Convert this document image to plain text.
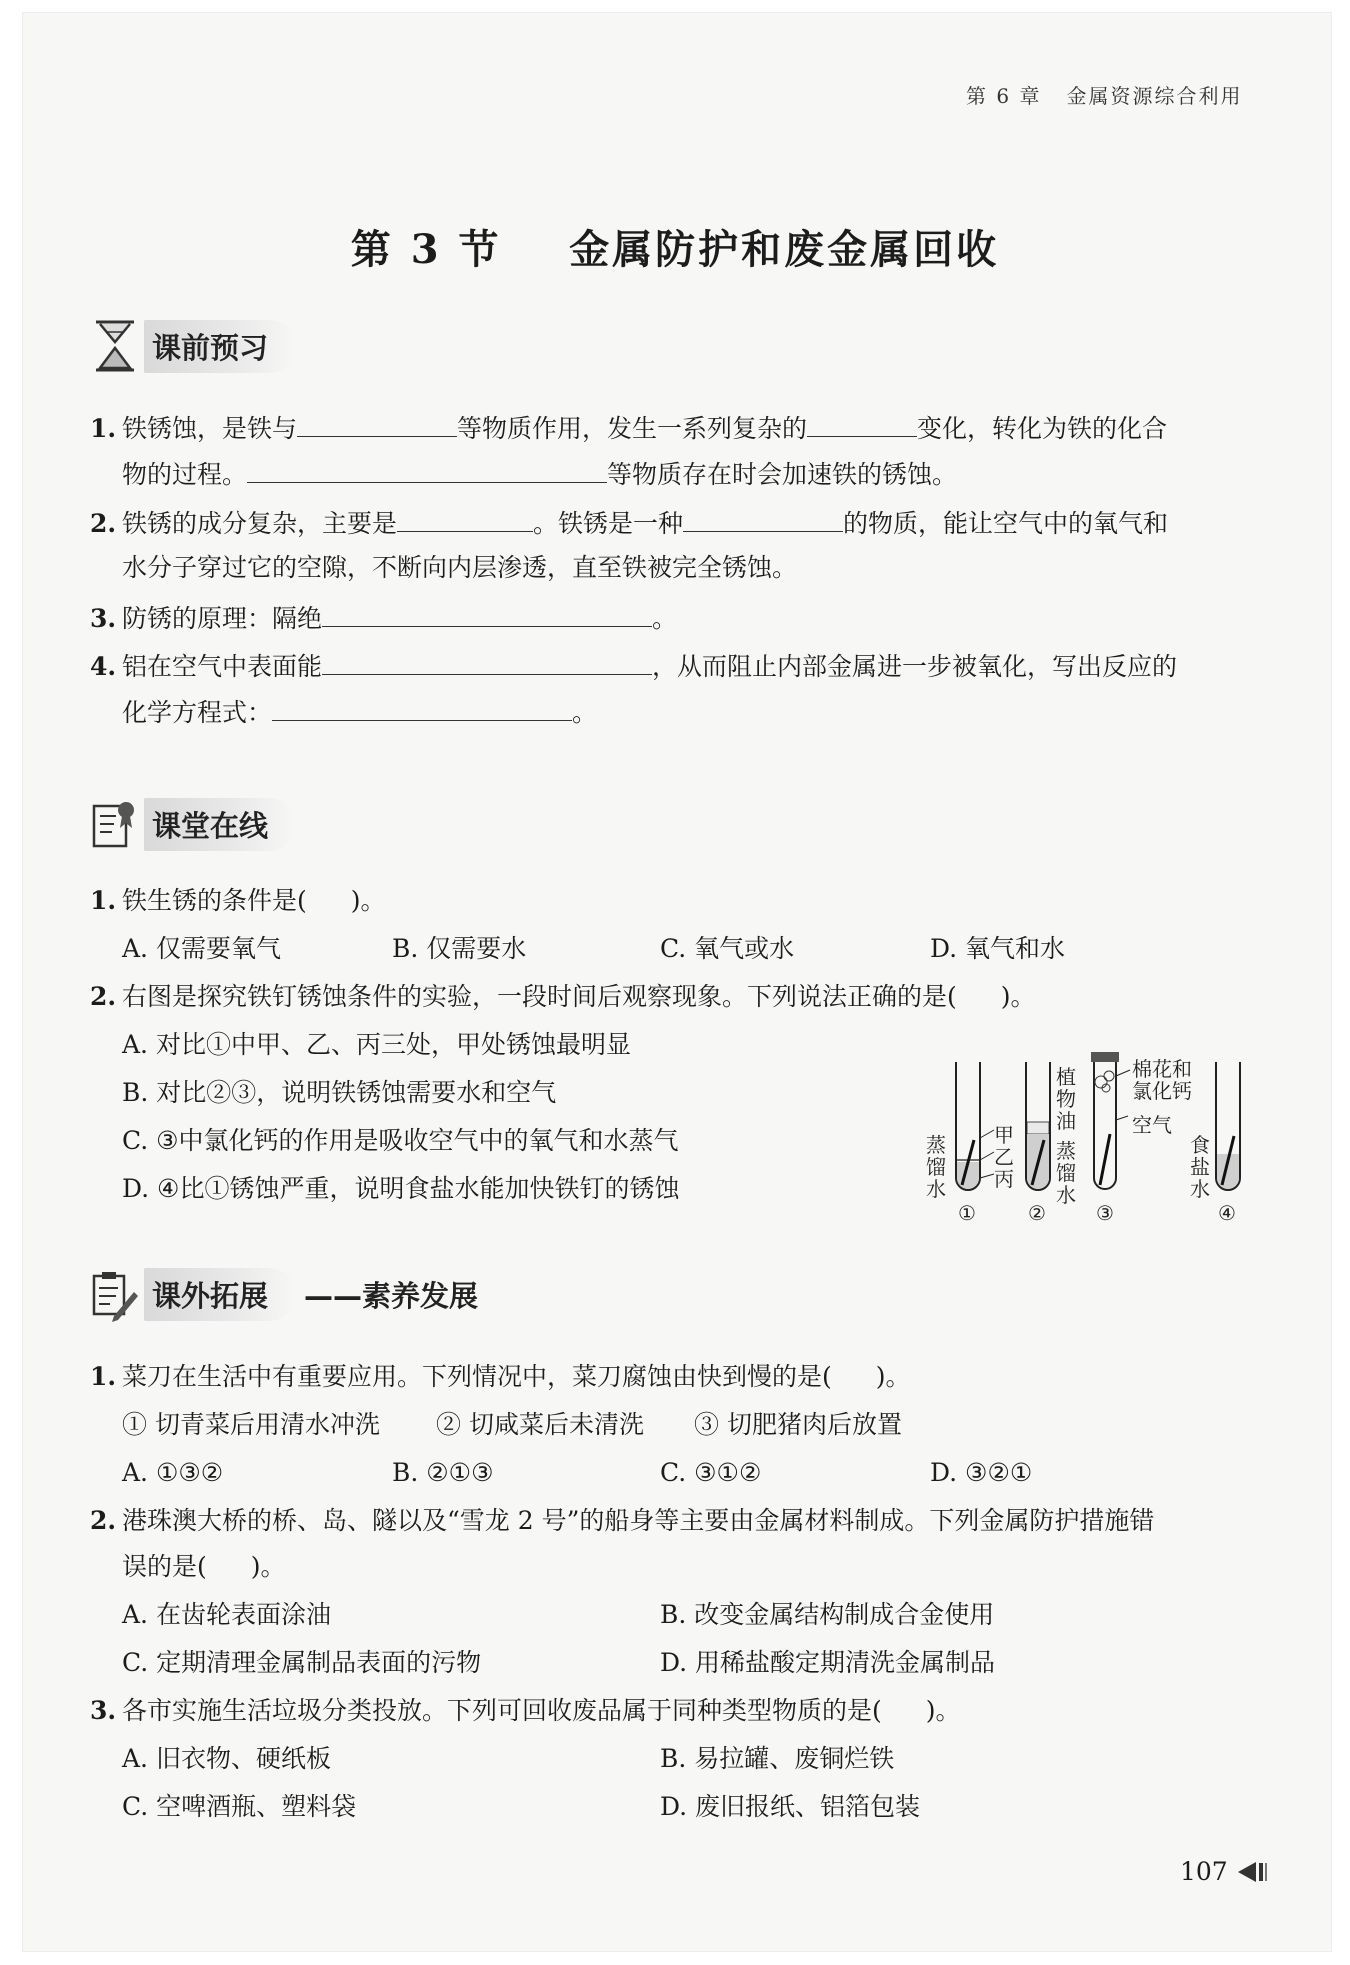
第 6 章 金属资源综合利用
第 3 节 金属防护和废金属回收
课前预习
1. 铁锈蚀，是铁与	等物质作用，发生一系列复杂的	变化，转化为铁的化合
物的过程。	等物质存在时会加速铁的锈蚀。
2. 铁锈的成分复杂，主要是	。铁锈是一种	的物质，能让空气中的氧气和
水分子穿过它的空隙，不断向内层渗透，直至铁被完全锈蚀。
3. 防锈的原理：隔绝	。
4. 铝在空气中表面能	，从而阻止内部金属进一步被氧化，写出反应的
化学方程式：	。
课堂在线
1. 铁生锈的条件是( )。
A. 仅需要氧气	B. 仅需要水	C. 氧气或水	D. 氧气和水
2. 右图是探究铁钉锈蚀条件的实验，一段时间后观察现象。下列说法正确的是( )。
A. 对比①中甲、乙、丙三处，甲处锈蚀最明显
B. 对比②③，说明铁锈蚀需要水和空气
C. ③中氯化钙的作用是吸收空气中的氧气和水蒸气
D. ④比①锈蚀严重，说明食盐水能加快铁钉的锈蚀
蒸
馏
水
甲
乙
丙
植
物
油
蒸
馏
水
棉花和
氯化钙
空气
食
盐
水
①	②	③	④
课外拓展	——素养发展
1. 菜刀在生活中有重要应用。下列情况中，菜刀腐蚀由快到慢的是( )。
① 切青菜后用清水冲洗 ② 切咸菜后未清洗 ③ 切肥猪肉后放置
A. ①③②	B. ②①③	C. ③①②	D. ③②①
2. 港珠澳大桥的桥、岛、隧以及“雪龙 2 号”的船身等主要由金属材料制成。下列金属防护措施错
误的是( )。
A. 在齿轮表面涂油	B. 改变金属结构制成合金使用
C. 定期清理金属制品表面的污物	D. 用稀盐酸定期清洗金属制品
3. 各市实施生活垃圾分类投放。下列可回收废品属于同种类型物质的是( )。
A. 旧衣物、硬纸板	B. 易拉罐、废铜烂铁
C. 空啤酒瓶、塑料袋	D. 废旧报纸、铝箔包装
107
